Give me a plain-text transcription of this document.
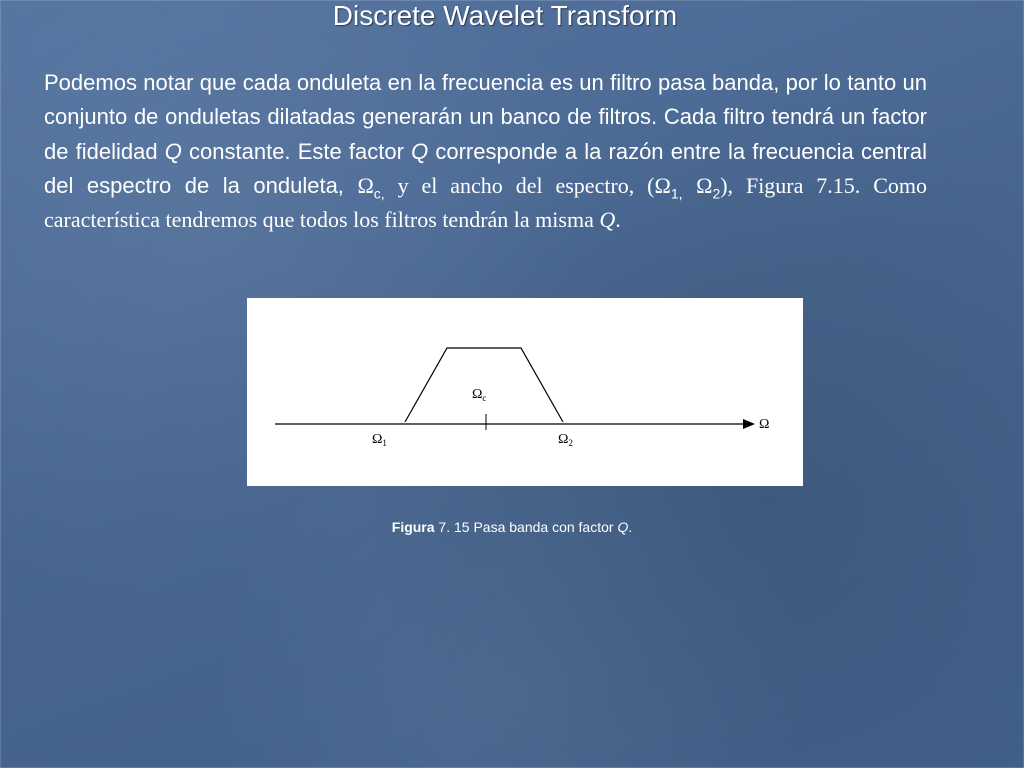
Discrete Wavelet Transform
Podemos notar que cada onduleta en la frecuencia es un filtro pasa banda, por lo tanto un conjunto de onduletas dilatadas generarán un banco de filtros. Cada filtro tendrá un factor de fidelidad Q constante. Este factor Q corresponde a la razón entre la frecuencia central del espectro de la onduleta, $\Omega_{c,}$ y el ancho del espectro, ($\Omega_{1,}$ $\Omega_2$), Figura 7.15. Como característica tendremos que todos los filtros tendrán la misma Q.
$\Omega_c$
$\Omega_1$	$\Omega_2$
Ω
Figura 7. 15 Pasa banda con factor Q.
